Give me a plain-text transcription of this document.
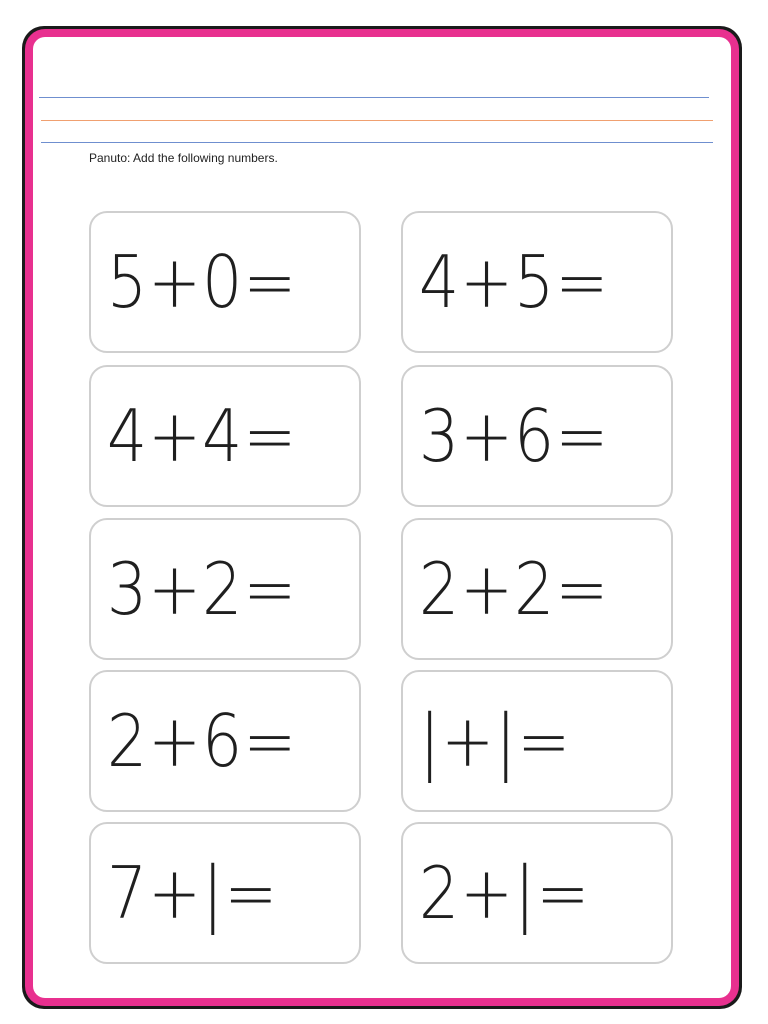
Panuto: Add the following numbers.
5+0= 4+5=
4+4= 3+6=
3+2= 2+2=
2+6= |+|=
7+|= 2+|=
